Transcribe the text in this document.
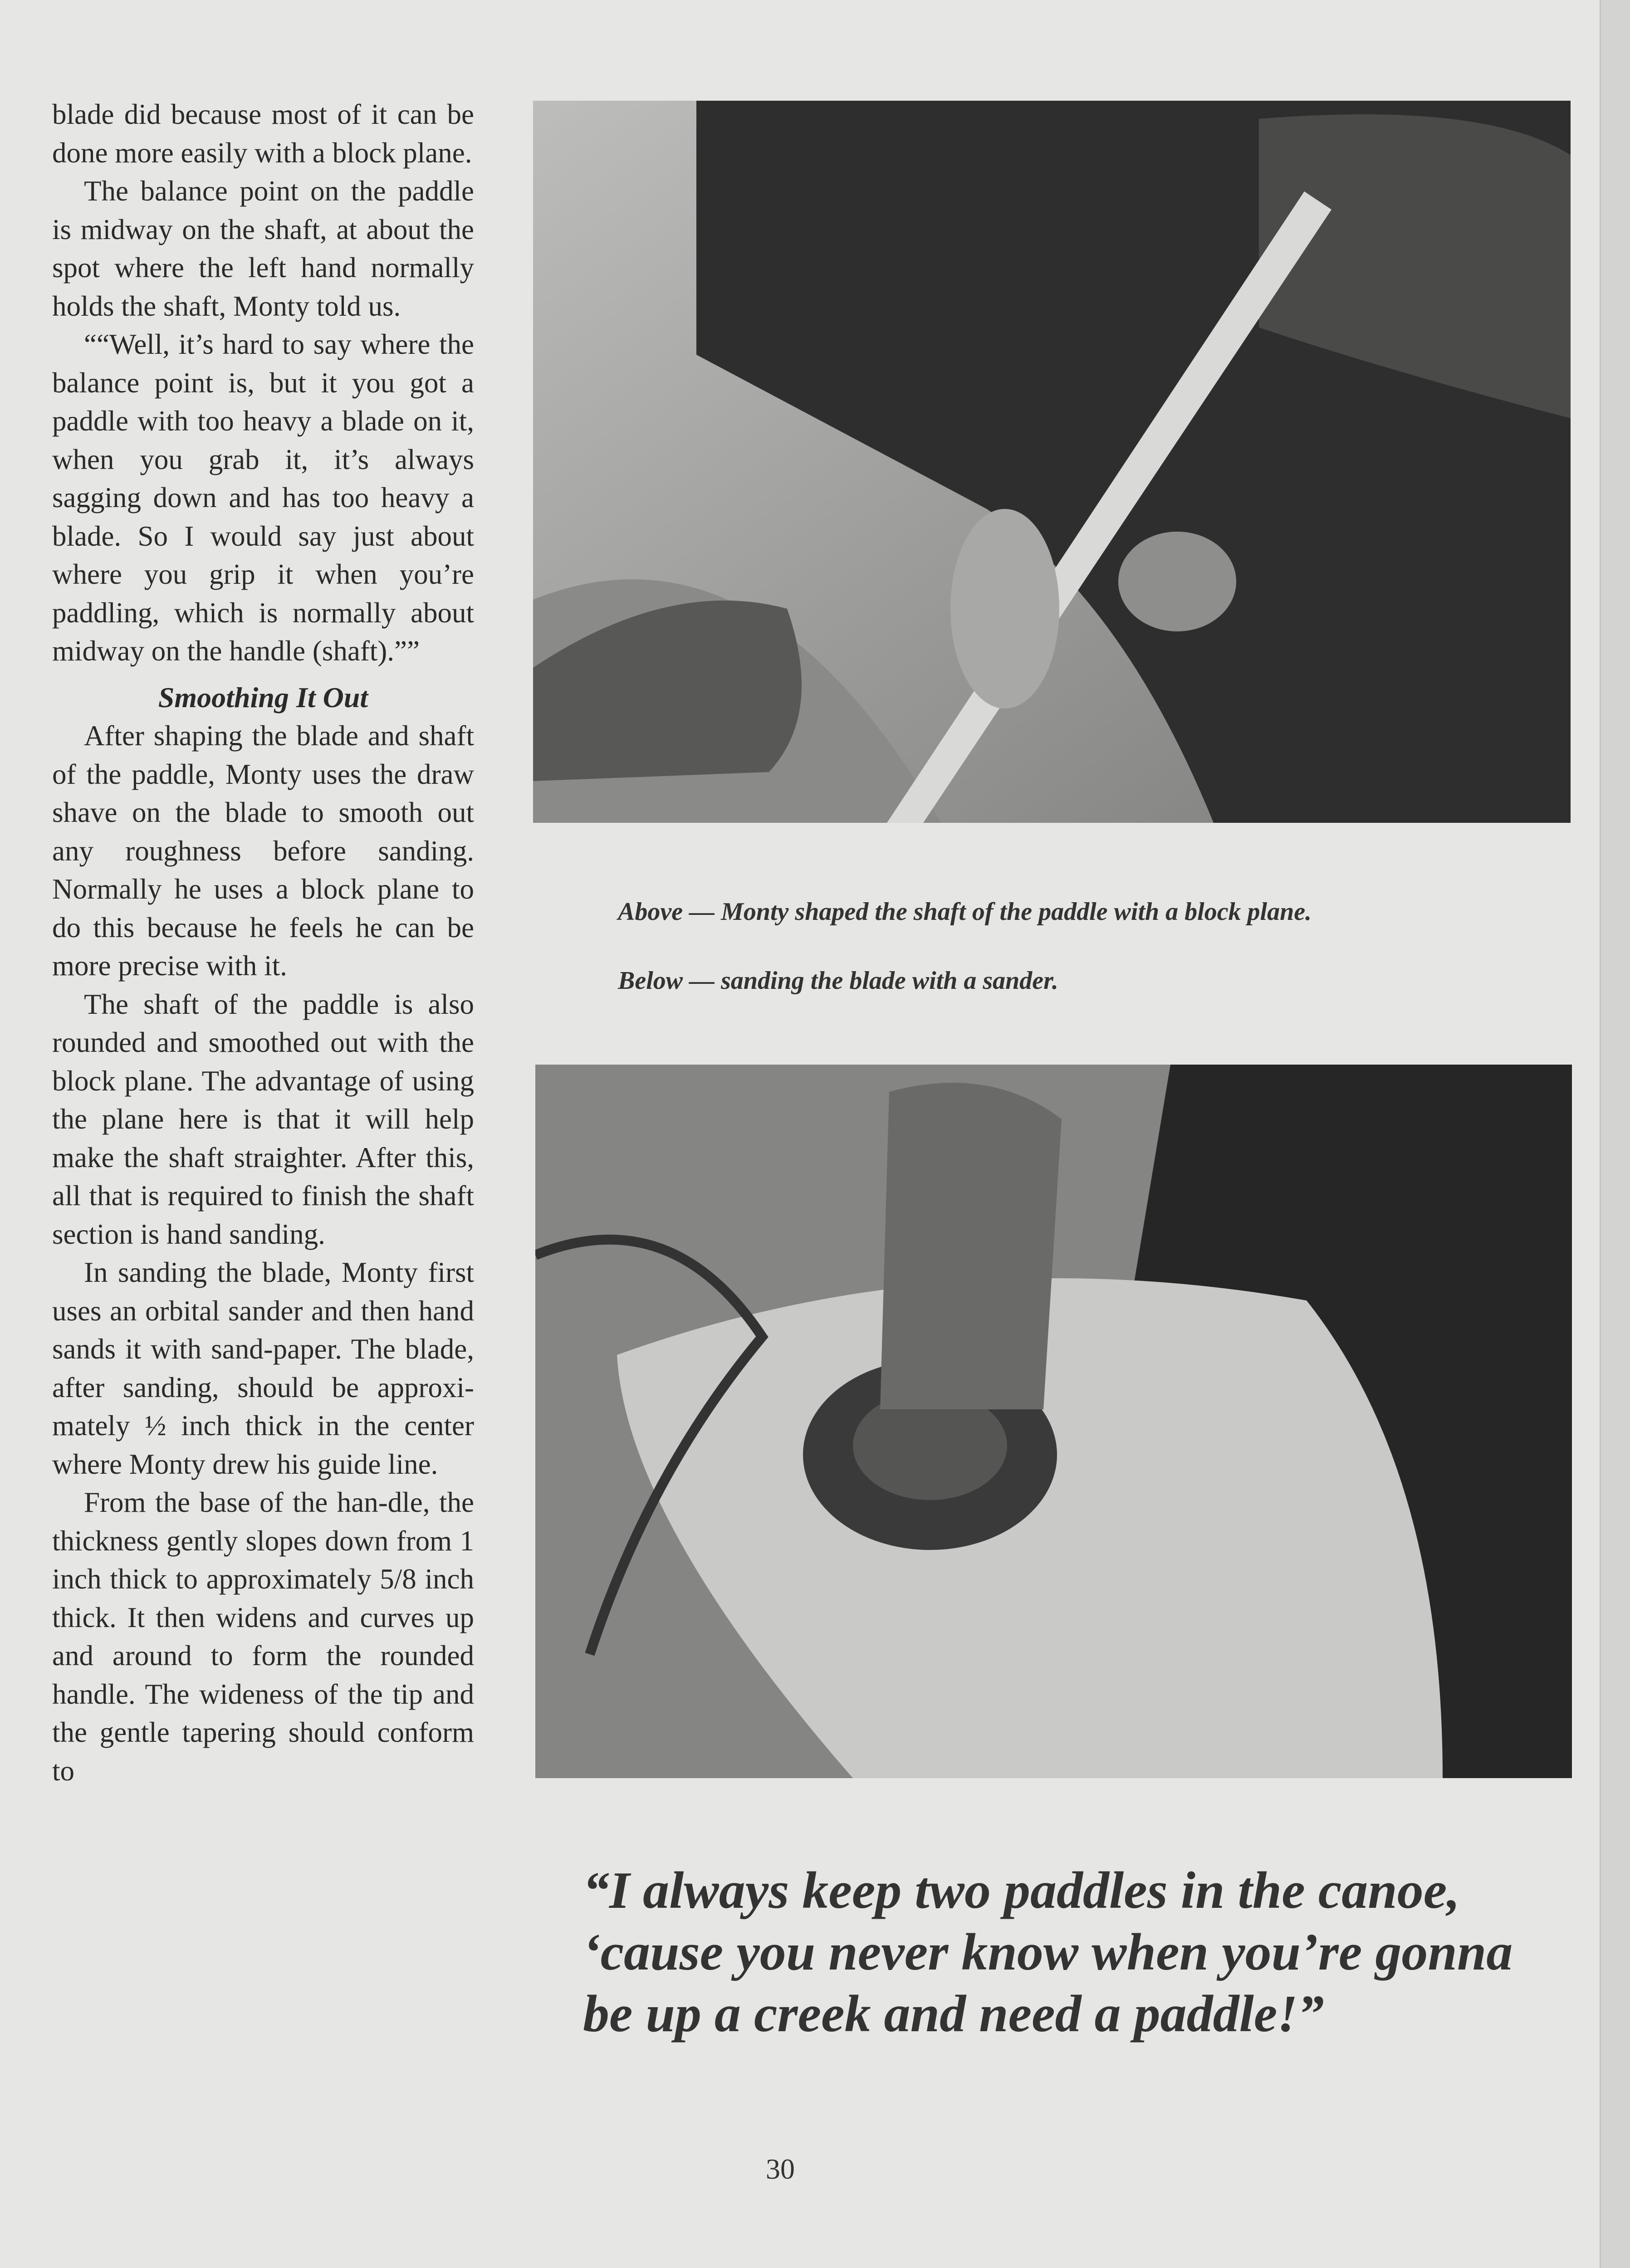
blade did because most of it can be done more easily with a block plane.

The balance point on the paddle is midway on the shaft, at about the spot where the left hand normally holds the shaft, Monty told us.

““Well, it’s hard to say where the balance point is, but it you got a paddle with too heavy a blade on it, when you grab it, it’s always sagging down and has too heavy a blade. So I would say just about where you grip it when you’re paddling, which is normally about midway on the handle (shaft).””

Smoothing It Out

After shaping the blade and shaft of the paddle, Monty uses the draw shave on the blade to smooth out any roughness before sanding. Normally he uses a block plane to do this because he feels he can be more precise with it.

The shaft of the paddle is also rounded and smoothed out with the block plane. The advantage of using the plane here is that it will help make the shaft straighter. After this, all that is required to finish the shaft section is hand sanding.

In sanding the blade, Monty first uses an orbital sander and then hand sands it with sand-paper. The blade, after sanding, should be approxi-mately ½ inch thick in the center where Monty drew his guide line.

From the base of the han-dle, the thickness gently slopes down from 1 inch thick to approximately 5/8 inch thick. It then widens and curves up and around to form the rounded handle. The wideness of the tip and the gentle tapering should conform to

Above — Monty shaped the shaft of the paddle with a block plane.
Below — sanding the blade with a sander.
“I always keep two paddles in the canoe, ‘cause you never know when you’re gonna be up a creek and need a paddle!”
30
